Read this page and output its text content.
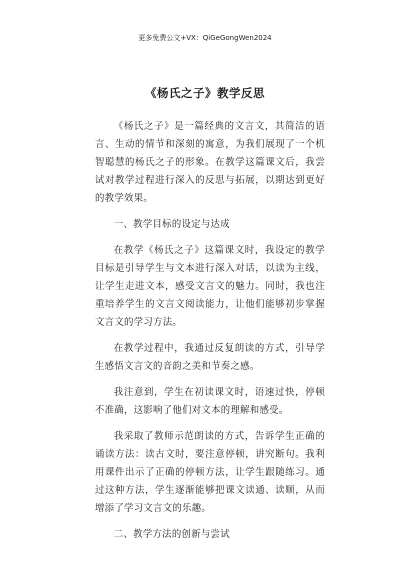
更多免费公文+VX：QiGeGongWen2024
《杨氏之子》教学反思

《杨氏之子》是一篇经典的文言文，其简洁的语言、生动的情节和深刻的寓意，为我们展现了一个机智聪慧的杨氏之子的形象。在教学这篇课文后，我尝试对教学过程进行深入的反思与拓展，以期达到更好的教学效果。

一、教学目标的设定与达成

在教学《杨氏之子》这篇课文时，我设定的教学目标是引导学生与文本进行深入对话，以读为主线，让学生走进文本，感受文言文的魅力。同时，我也注重培养学生的文言文阅读能力，让他们能够初步掌握文言文的学习方法。

在教学过程中，我通过反复朗读的方式，引导学生感悟文言文的音韵之美和节奏之感。

我注意到，学生在初读课文时，语速过快，停顿不准确，这影响了他们对文本的理解和感受。

我采取了教师示范朗读的方式，告诉学生正确的诵读方法：读古文时，要注意停顿，讲究断句。我利用课件出示了正确的停顿方法，让学生跟随练习。通过这种方法，学生逐渐能够把课文读通、读顺，从而增添了学习文言文的乐趣。

二、教学方法的创新与尝试
